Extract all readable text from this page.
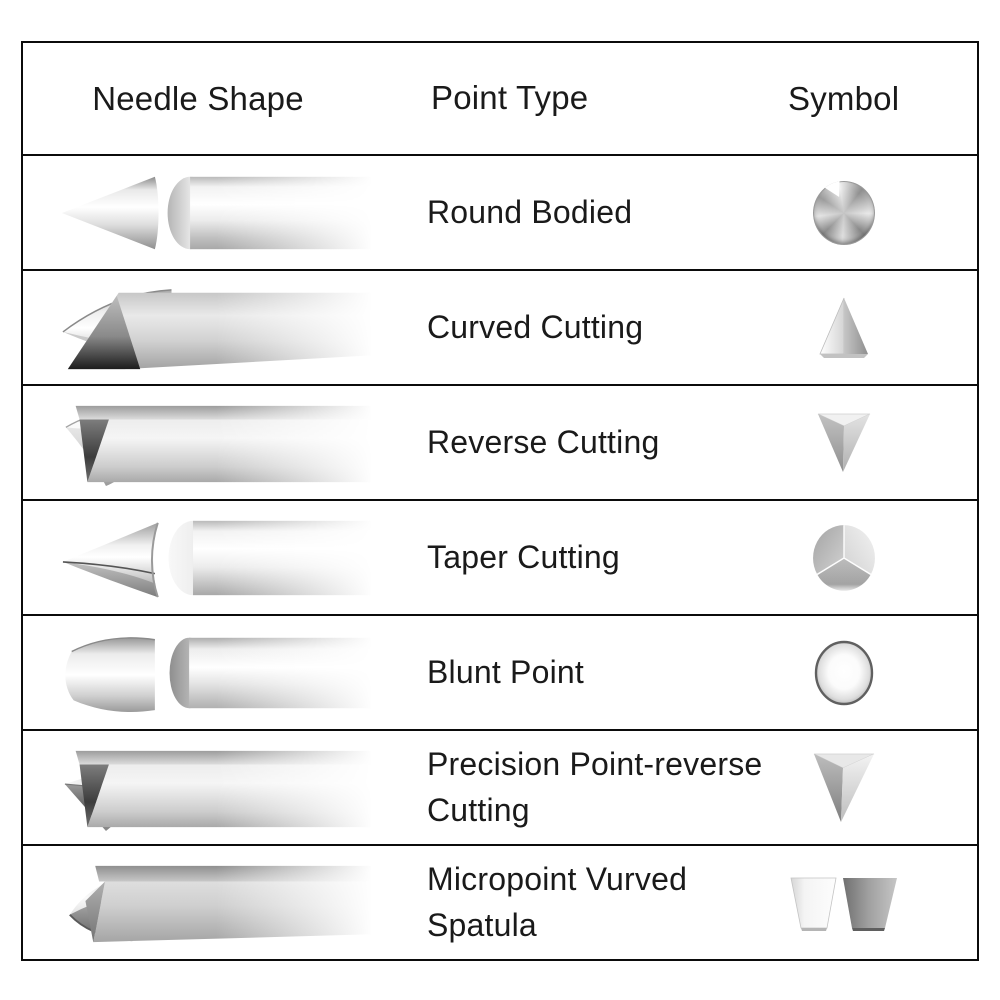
Needle Shape	Point Type	Symbol
Round Bodied
Curved Cutting
Reverse Cutting
Taper Cutting
Blunt Point
Precision Point-reverse Cutting
Micropoint Vurved Spatula
